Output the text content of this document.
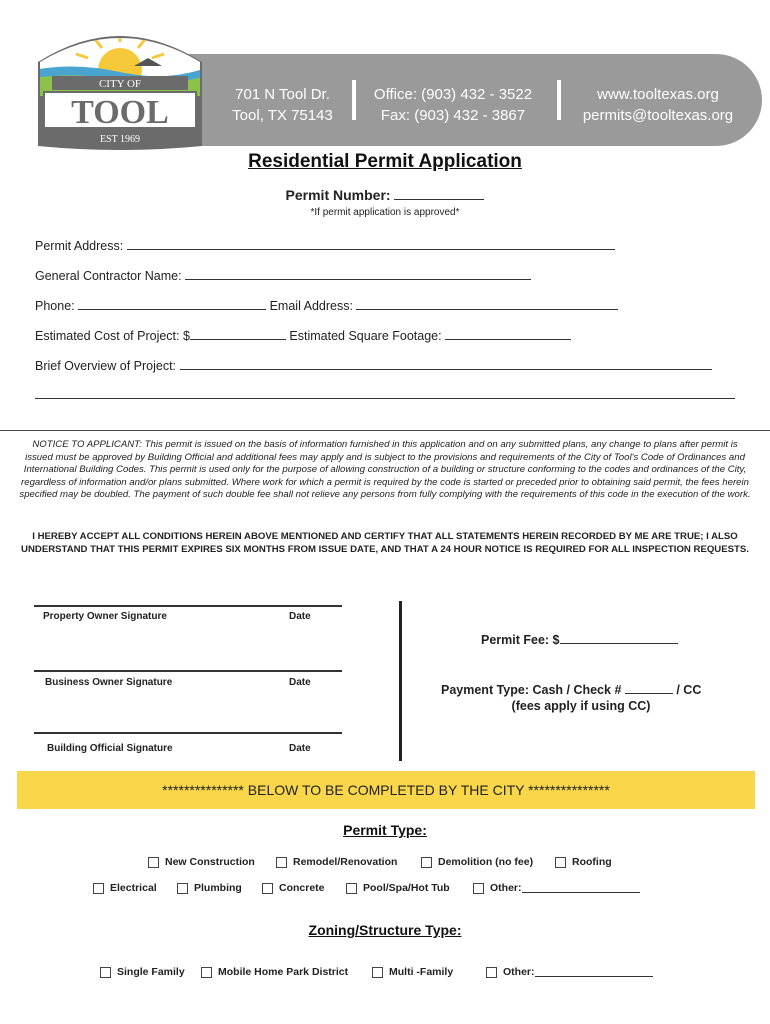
CITY OF
TOOL
EST 1969
701 N Tool Dr.
Tool, TX 75143
Office: (903) 432 - 3522
Fax: (903) 432 - 3867
www.tooltexas.org
permits@tooltexas.org
Residential Permit Application
Permit Number:
*If permit application is approved*
Permit Address:
General Contractor Name:
Phone:	Email Address:
Estimated Cost of Project: $	Estimated Square Footage:
Brief Overview of Project:
NOTICE TO APPLICANT: This permit is issued on the basis of information furnished in this application and on any submitted plans, any change to plans after permit is issued must be approved by Building Official and additional fees may apply and is subject to the provisions and requirements of the City of Tool's Code of Ordinances and International Building Codes. This permit is used only for the purpose of allowing construction of a building or structure conforming to the codes and ordinances of the City, regardless of information and/or plans submitted. Where work for which a permit is required by the code is started or preceded prior to obtaining said permit, the fees herein specified may be doubled. The payment of such double fee shall not relieve any persons from fully complying with the requirements of this code in the execution of the work.
I HEREBY ACCEPT ALL CONDITIONS HEREIN ABOVE MENTIONED AND CERTIFY THAT ALL STATEMENTS HEREIN RECORDED BY ME ARE TRUE; I ALSO UNDERSTAND THAT THIS PERMIT EXPIRES SIX MONTHS FROM ISSUE DATE, AND THAT A 24 HOUR NOTICE IS REQUIRED FOR ALL INSPECTION REQUESTS.
Property Owner Signature	Date
Business Owner Signature	Date
Building Official Signature	Date
Permit Fee: $
Payment Type: Cash / Check #	/ CC
(fees apply if using CC)
*************** BELOW TO BE COMPLETED BY THE CITY ***************
Permit Type:
New Construction	Remodel/Renovation	Demolition (no fee)	Roofing
Electrical	Plumbing	Concrete	Pool/Spa/Hot Tub	Other:
Zoning/Structure Type:
Single Family	Mobile Home Park District	Multi -Family	Other:
